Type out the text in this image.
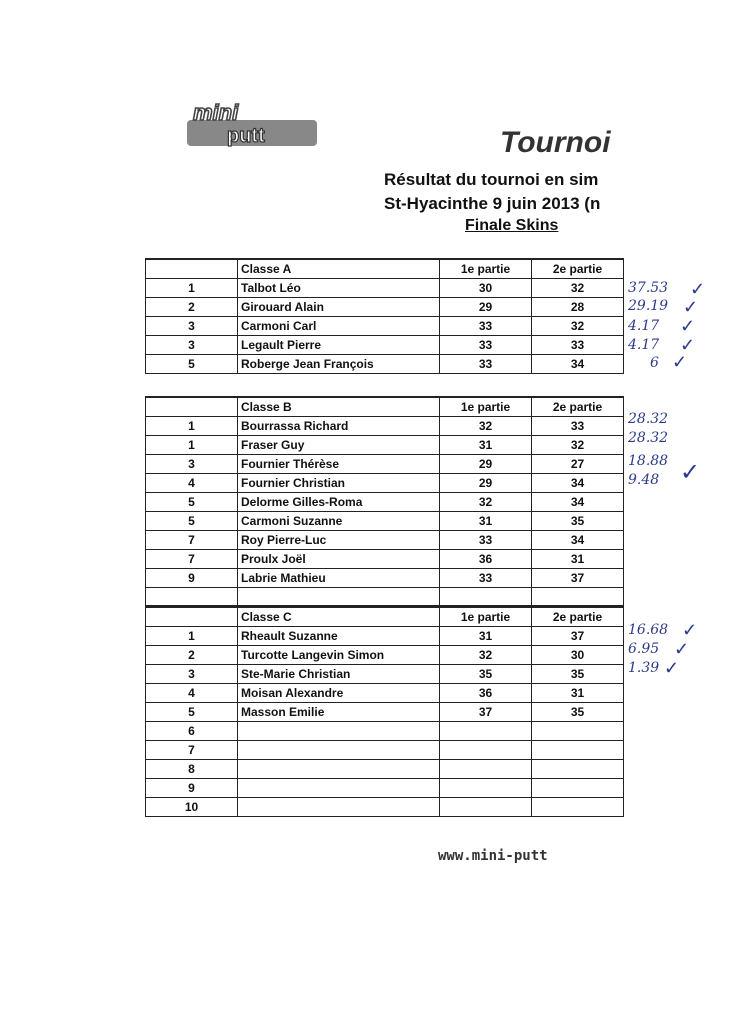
mini
putt	Tournoi
Résultat du tournoi en sim
St-Hyacinthe 9 juin 2013 (n
Finale Skins
	Classe A	1e partie	2e partie
1	Talbot Léo	30	32
2	Girouard Alain	29	28
3	Carmoni Carl	33	32
3	Legault Pierre	33	33
5	Roberge Jean François	33	34
	Classe B	1e partie	2e partie
1	Bourrassa Richard	32	33
1	Fraser Guy	31	32
3	Fournier Thérèse	29	27
4	Fournier Christian	29	34
5	Delorme Gilles-Roma	32	34
5	Carmoni Suzanne	31	35
7	Roy Pierre-Luc	33	34
7	Proulx Joël	36	31
9	Labrie Mathieu	33	37

	Classe C	1e partie	2e partie
1	Rheault Suzanne	31	37
2	Turcotte Langevin Simon	32	30
3	Ste-Marie Christian	35	35
4	Moisan Alexandre	36	31
5	Masson Emilie	37	35
6			
7			
8			
9			
10			
37.53 ✓
29.19 ✓
4.17 ✓
4.17 ✓
6 ✓
28.32
28.32
18.88
9.48 ✓
16.68 ✓
6.95 ✓
1.39 ✓
www.mini-putt
